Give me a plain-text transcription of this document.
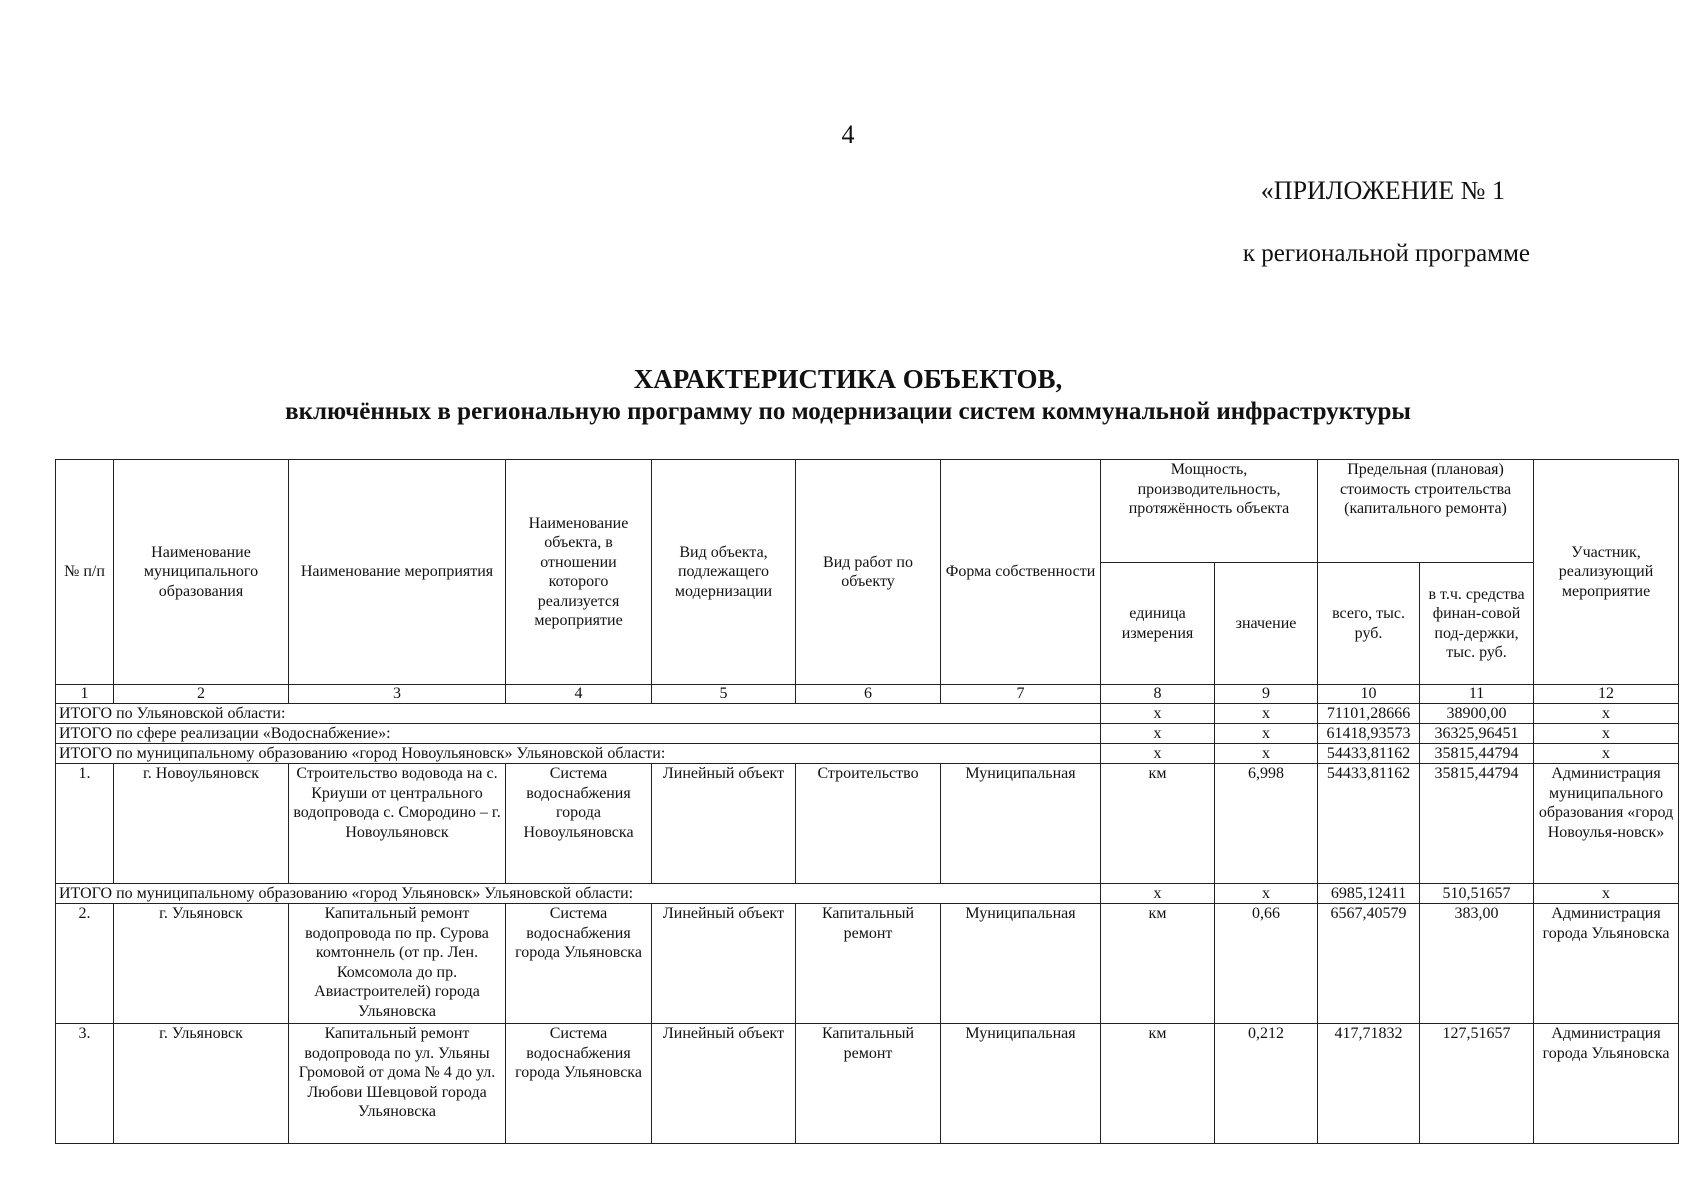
4
«ПРИЛОЖЕНИЕ № 1
к региональной программе
ХАРАКТЕРИСТИКА ОБЪЕКТОВ,
включённых в региональную программу по модернизации систем коммунальной инфраструктуры
№ п/п	Наименование муниципального образования	Наименование мероприятия	Наименование объекта, в отношении которого реализуется мероприятие	Вид объекта, подлежащего модернизации	Вид работ по объекту	Форма собственности	Мощность, производительность, протяжённость объекта		Предельная (плановая) стоимость строительства (капитального ремонта)		Участник, реализующий мероприятие
							единица измерения	значение	всего, тыс. руб.	в т.ч. средства финан-совой под-держки, тыс. руб.	
1	2	3	4	5	6	7	8	9	10	11	12
ИТОГО по Ульяновской области:							х	х	71101,28666	38900,00	х
ИТОГО по сфере реализации «Водоснабжение»:							х	х	61418,93573	36325,96451	х
ИТОГО по муниципальному образованию «город Новоульяновск» Ульяновской области:							х	х	54433,81162	35815,44794	х
1.	г. Новоульяновск	Строительство водовода на с. Криуши от центрального водопровода с. Смородино – г. Новоульяновск	Система водоснабжения города Новоульяновска	Линейный объект	Строительство	Муниципальная	км	6,998	54433,81162	35815,44794	Администрация муниципального образования «город Новоулья-новск»
ИТОГО по муниципальному образованию «город Ульяновск» Ульяновской области:							х	х	6985,12411	510,51657	х
2.	г. Ульяновск	Капитальный ремонт водопровода по пр. Сурова комтоннель (от пр. Лен. Комсомола до пр. Авиастроителей) города Ульяновска	Система водоснабжения города Ульяновска	Линейный объект	Капитальный ремонт	Муниципальная	км	0,66	6567,40579	383,00	Администрация города Ульяновска
3.	г. Ульяновск	Капитальный ремонт водопровода по ул. Ульяны Громовой от дома № 4 до ул. Любови Шевцовой города Ульяновска	Система водоснабжения города Ульяновска	Линейный объект	Капитальный ремонт	Муниципальная	км	0,212	417,71832	127,51657	Администрация города Ульяновска
